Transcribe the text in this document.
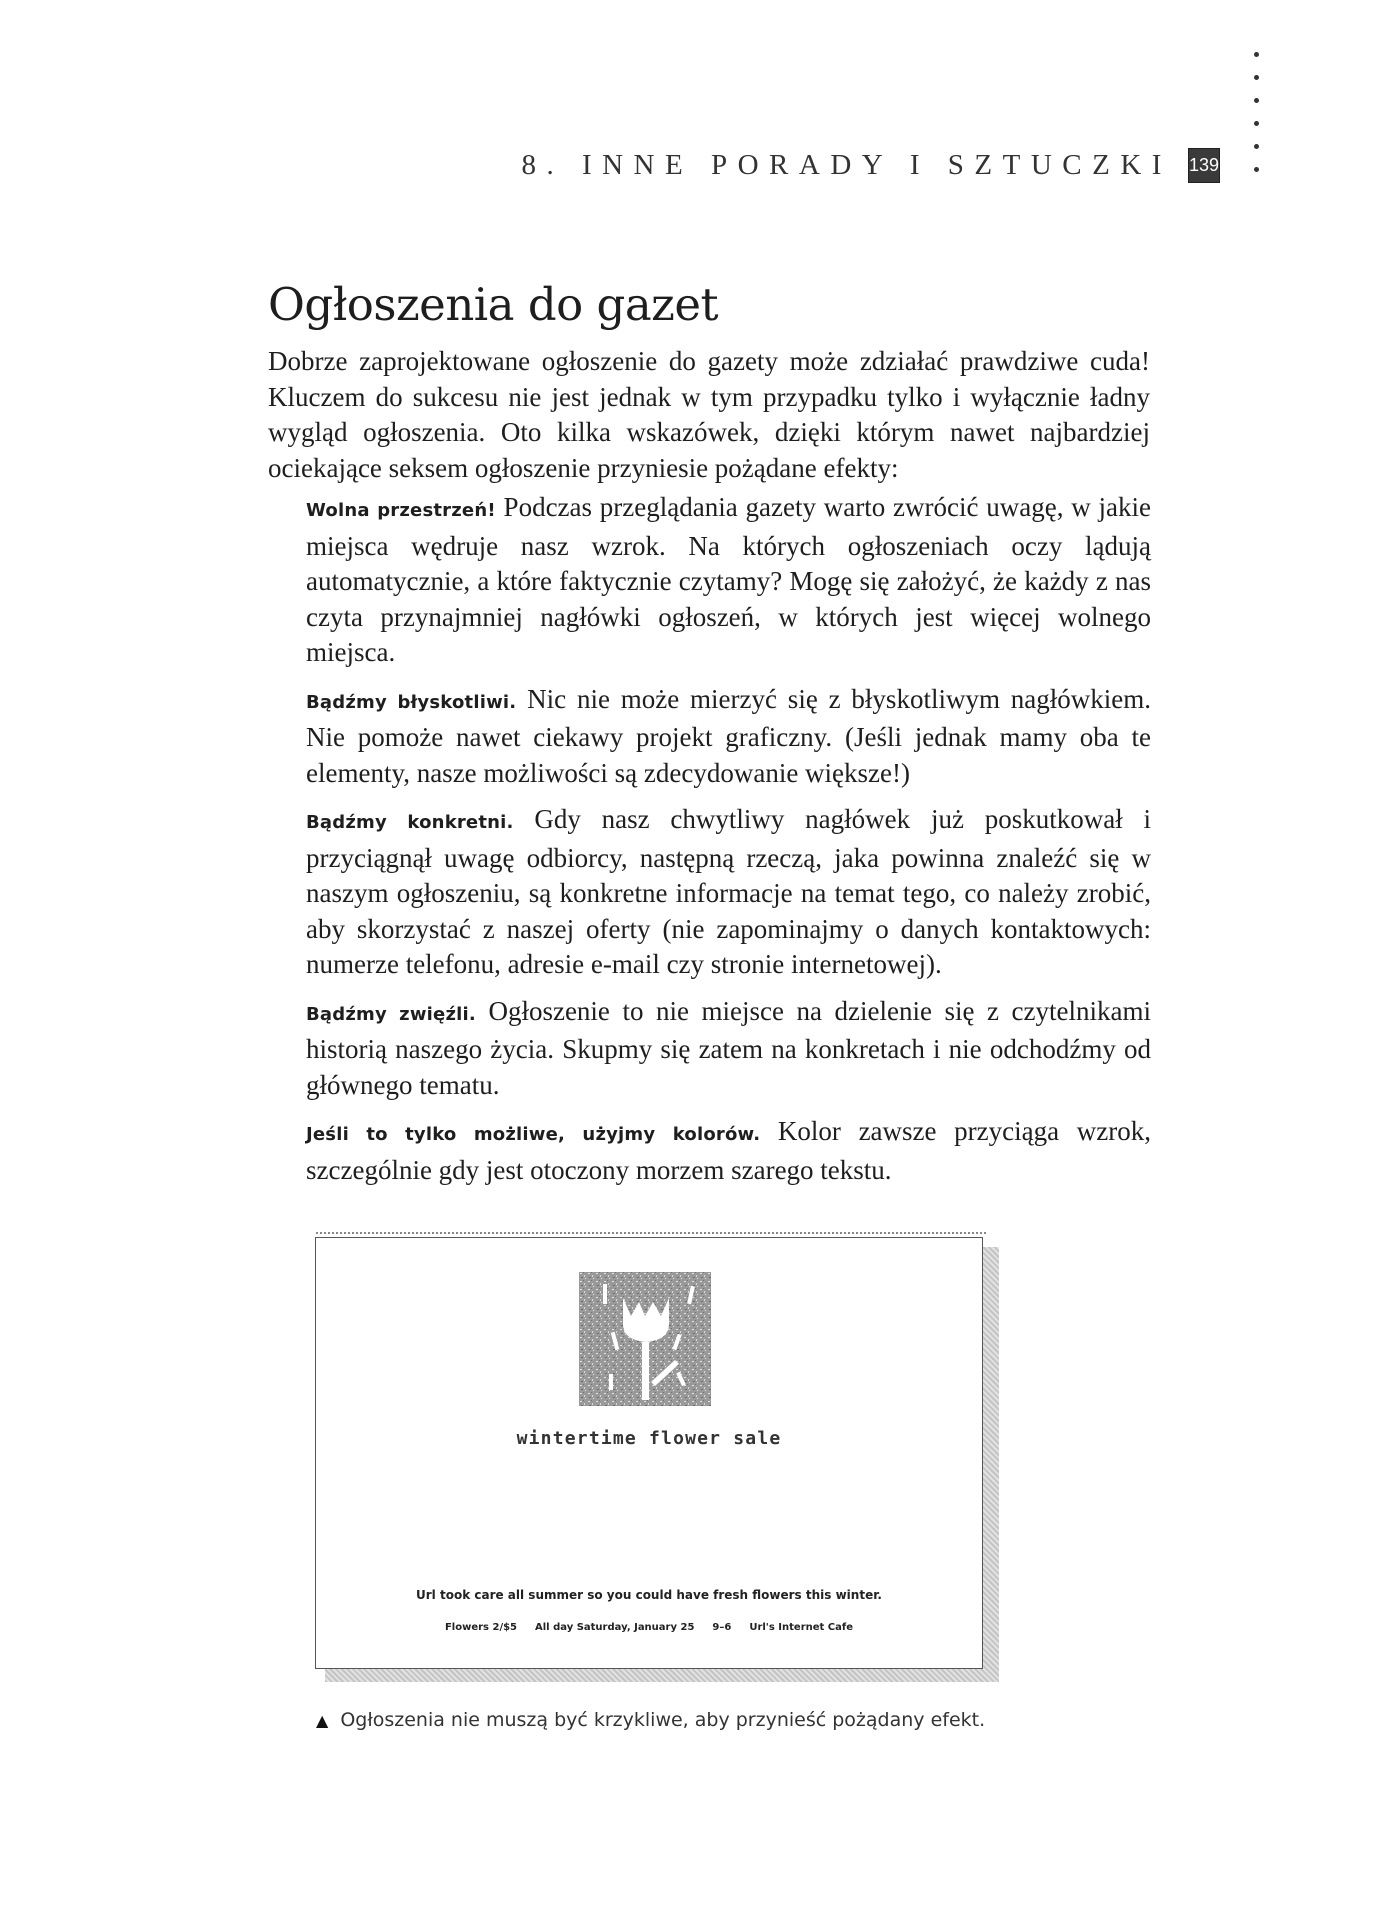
8. INNE PORADY I SZTUCZKI 139
Ogłoszenia do gazet

Dobrze zaprojektowane ogłoszenie do gazety może zdziałać prawdziwe cuda! Kluczem do sukcesu nie jest jednak w tym przypadku tylko i wyłącznie ładny wygląd ogłoszenia. Oto kilka wskazówek, dzięki którym nawet najbardziej ociekające seksem ogłoszenie przyniesie pożądane efekty:

Wolna przestrzeń! Podczas przeglądania gazety warto zwrócić uwagę, w jakie miejsca wędruje nasz wzrok. Na których ogłoszeniach oczy lądują automatycznie, a które faktycznie czytamy? Mogę się założyć, że każdy z nas czyta przynajmniej nagłówki ogłoszeń, w których jest więcej wolnego miejsca.

Bądźmy błyskotliwi. Nic nie może mierzyć się z błyskotliwym nagłówkiem. Nie pomoże nawet ciekawy projekt graficzny. (Jeśli jednak mamy oba te elementy, nasze możliwości są zdecydowanie większe!)

Bądźmy konkretni. Gdy nasz chwytliwy nagłówek już poskutkował i przyciągnął uwagę odbiorcy, następną rzeczą, jaka powinna znaleźć się w naszym ogłoszeniu, są konkretne informacje na temat tego, co należy zrobić, aby skorzystać z naszej oferty (nie zapominajmy o danych kontaktowych: numerze telefonu, adresie e-mail czy stronie internetowej).

Bądźmy zwięźli. Ogłoszenie to nie miejsce na dzielenie się z czytelnikami historią naszego życia. Skupmy się zatem na konkretach i nie odchodźmy od głównego tematu.

Jeśli to tylko możliwe, użyjmy kolorów. Kolor zawsze przyciąga wzrok, szczególnie gdy jest otoczony morzem szarego tekstu.

wintertime flower sale
Url took care all summer so you could have fresh flowers this winter.
Flowers 2/$5 All day Saturday, January 25 9–6 Url's Internet Cafe
▲ Ogłoszenia nie muszą być krzykliwe, aby przynieść pożądany efekt.
